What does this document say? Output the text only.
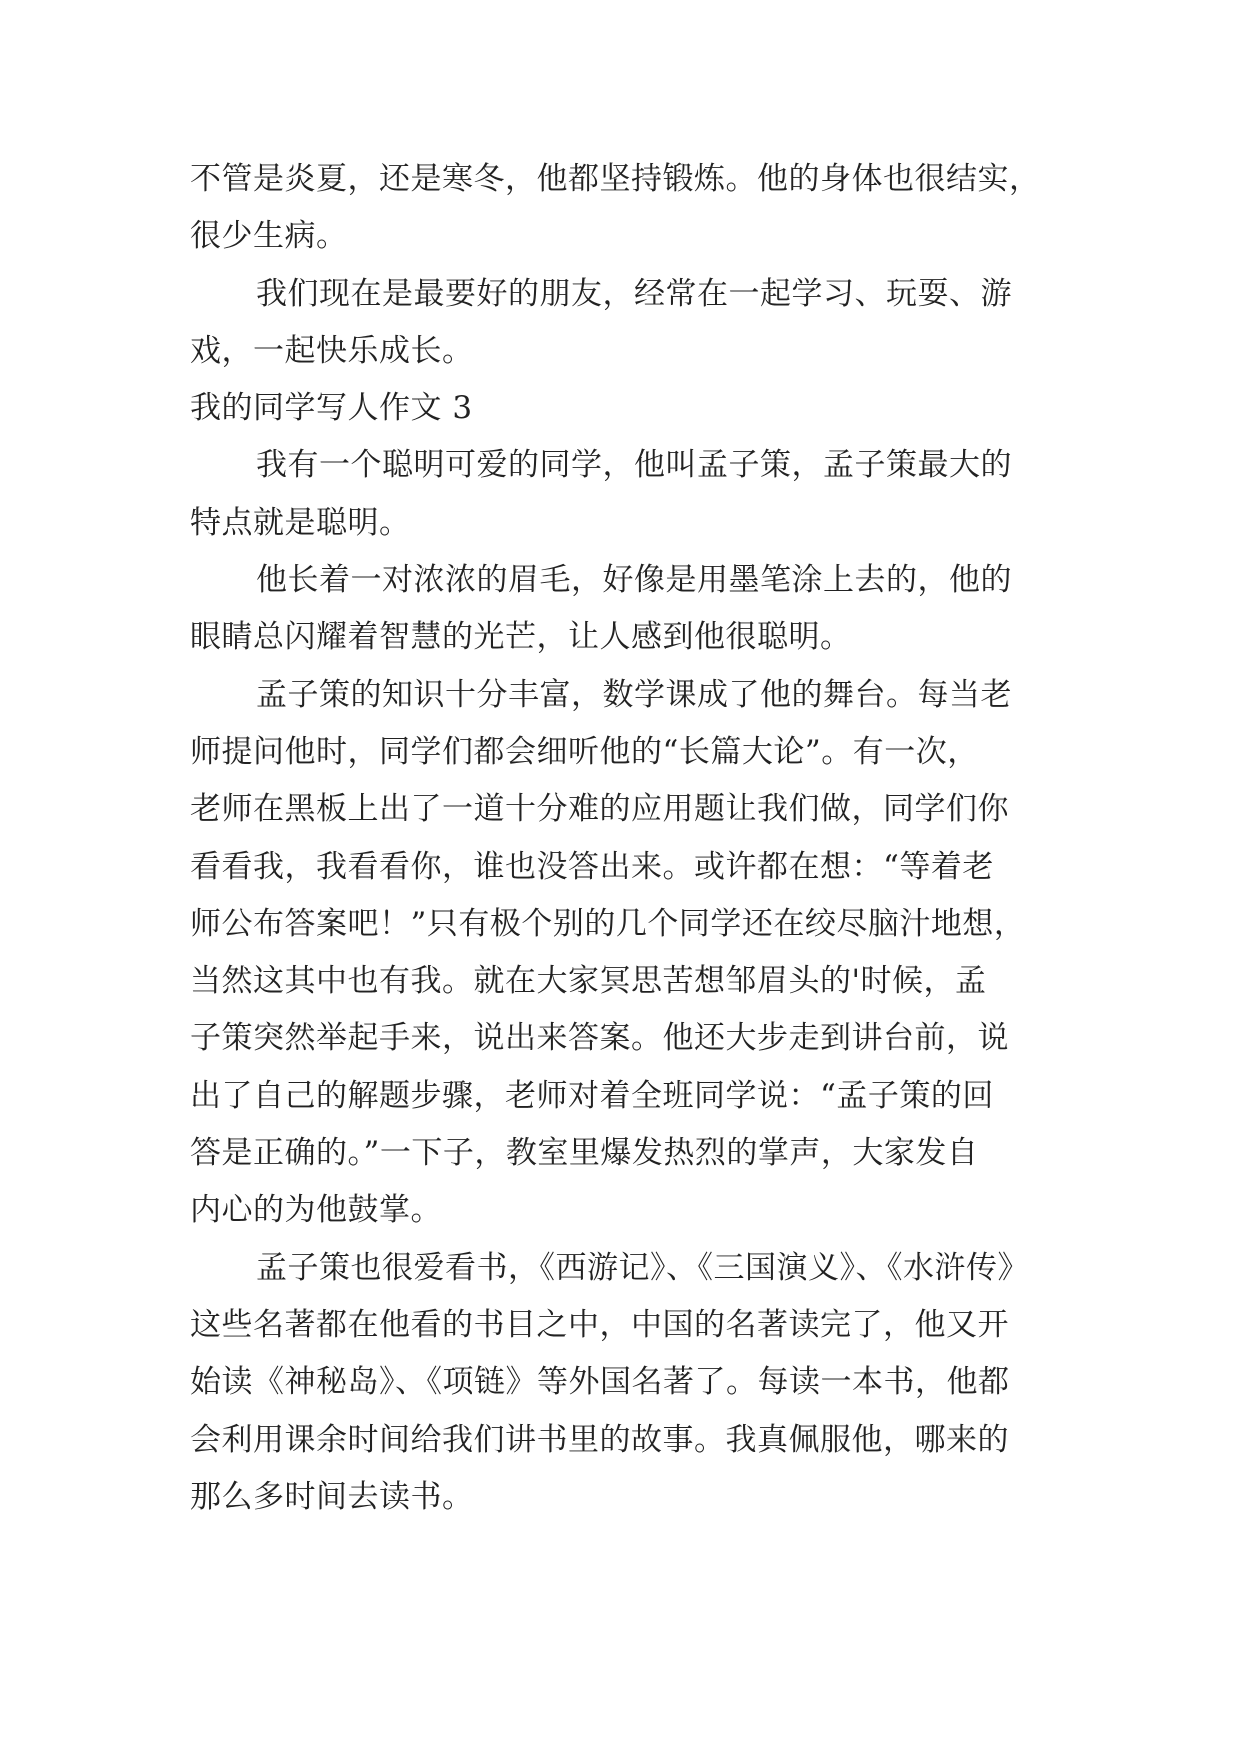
不管是炎夏，还是寒冬，他都坚持锻炼。他的身体也很结实，
很少生病。
我们现在是最要好的朋友，经常在一起学习、玩耍、游
戏，一起快乐成长。
我的同学写人作文 3
我有一个聪明可爱的同学，他叫孟子策，孟子策最大的
特点就是聪明。
他长着一对浓浓的眉毛，好像是用墨笔涂上去的，他的
眼睛总闪耀着智慧的光芒，让人感到他很聪明。
孟子策的知识十分丰富，数学课成了他的舞台。每当老
师提问他时，同学们都会细听他的“长篇大论”。有一次，
老师在黑板上出了一道十分难的应用题让我们做，同学们你
看看我，我看看你，谁也没答出来。或许都在想：“等着老
师公布答案吧！”只有极个别的几个同学还在绞尽脑汁地想，
当然这其中也有我。就在大家冥思苦想邹眉头的'时候，孟
子策突然举起手来，说出来答案。他还大步走到讲台前，说
出了自己的解题步骤，老师对着全班同学说：“孟子策的回
答是正确的。”一下子，教室里爆发热烈的掌声，大家发自
内心的为他鼓掌。
孟子策也很爱看书，《西游记》、《三国演义》、《水浒传》
这些名著都在他看的书目之中，中国的名著读完了，他又开
始读《神秘岛》、《项链》等外国名著了。每读一本书，他都
会利用课余时间给我们讲书里的故事。我真佩服他，哪来的
那么多时间去读书。
